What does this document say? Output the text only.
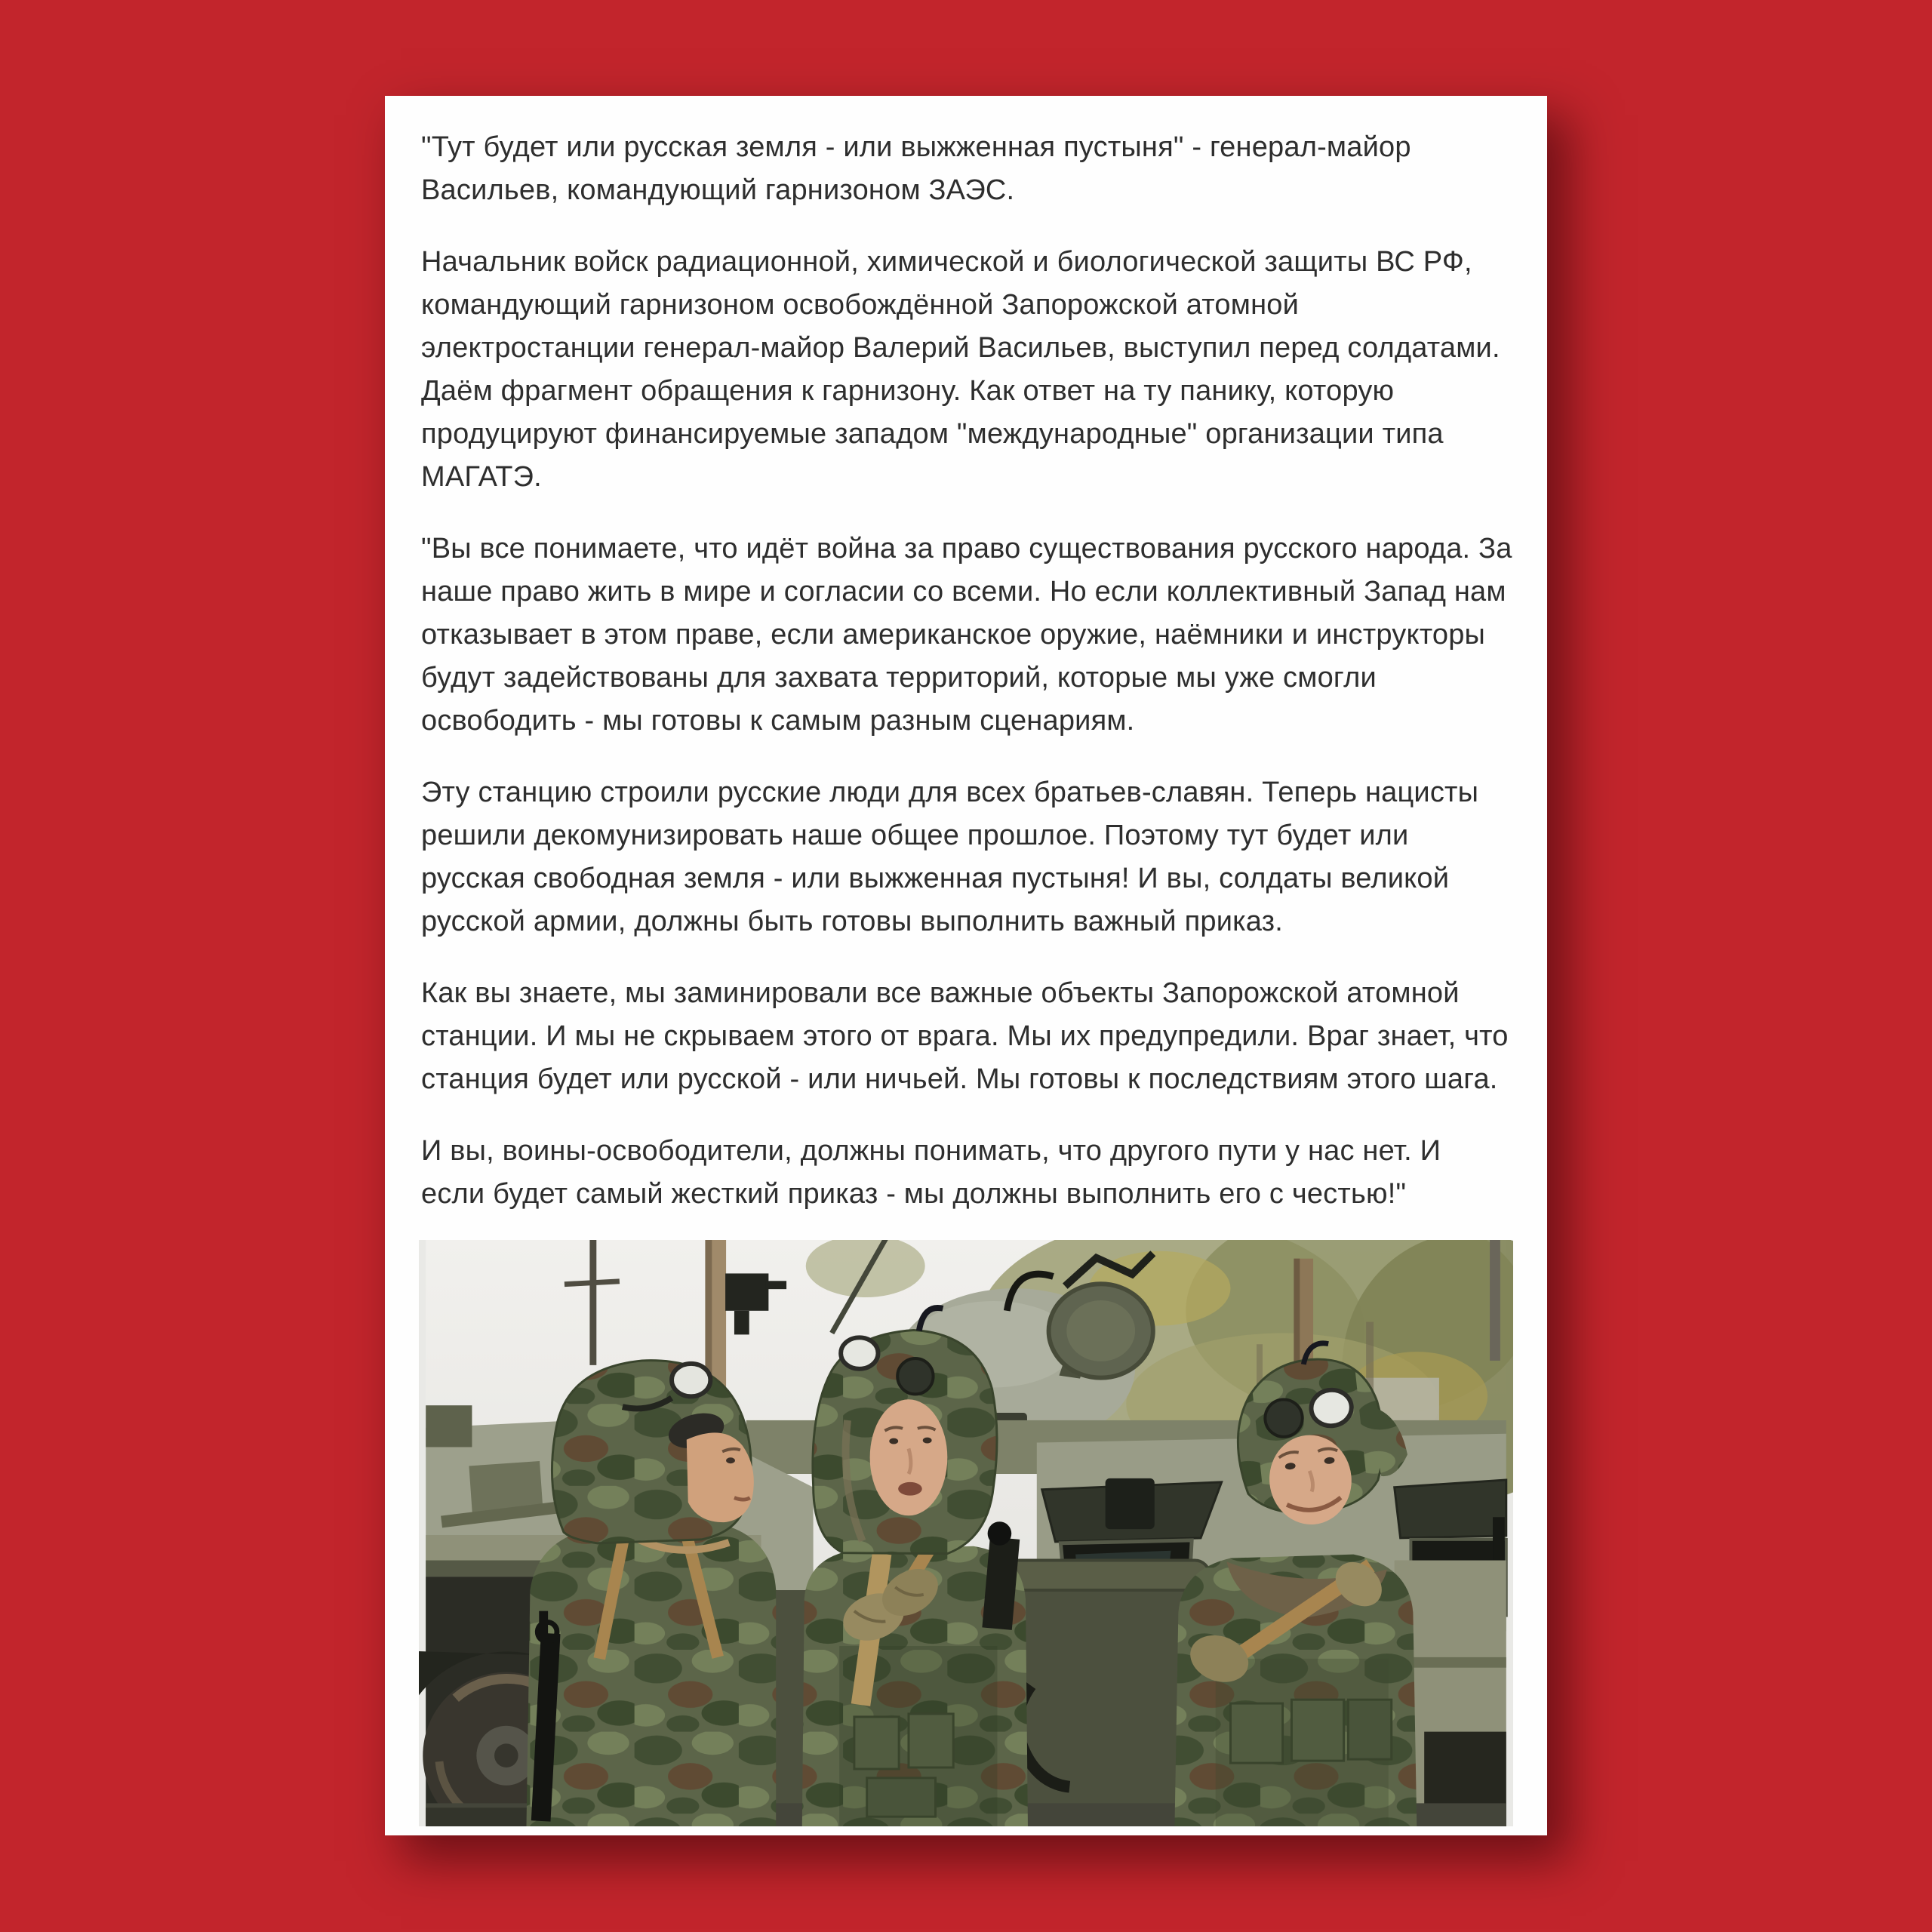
"Тут будет или русская земля - или выжженная пустыня" - генерал-майор Васильев, командующий гарнизоном ЗАЭС.

Начальник войск радиационной, химической и биологической защиты ВС РФ, командующий гарнизоном освобождённой Запорожской атомной электростанции генерал-майор Валерий Васильев, выступил перед солдатами. Даём фрагмент обращения к гарнизону. Как ответ на ту панику, которую продуцируют финансируемые западом "международные" организации типа МАГАТЭ.

"Вы все понимаете, что идёт война за право существования русского народа. За наше право жить в мире и согласии со всеми. Но если коллективный Запад нам отказывает в этом праве, если американское оружие, наёмники и инструкторы будут задействованы для захвата территорий, которые мы уже смогли освободить - мы готовы к самым разным сценариям.

Эту станцию строили русские люди для всех братьев-славян. Теперь нацисты решили декомунизировать наше общее прошлое. Поэтому тут будет или русская свободная земля - или выжженная пустыня! И вы, солдаты великой русской армии, должны быть готовы выполнить важный приказ.

Как вы знаете, мы заминировали все важные объекты Запорожской атомной станции. И мы не скрываем этого от врага. Мы их предупредили. Враг знает, что станция будет или русской - или ничьей. Мы готовы к последствиям этого шага.

И вы, воины-освободители, должны понимать, что другого пути у нас нет. И если будет самый жесткий приказ - мы должны выполнить его с честью!"
